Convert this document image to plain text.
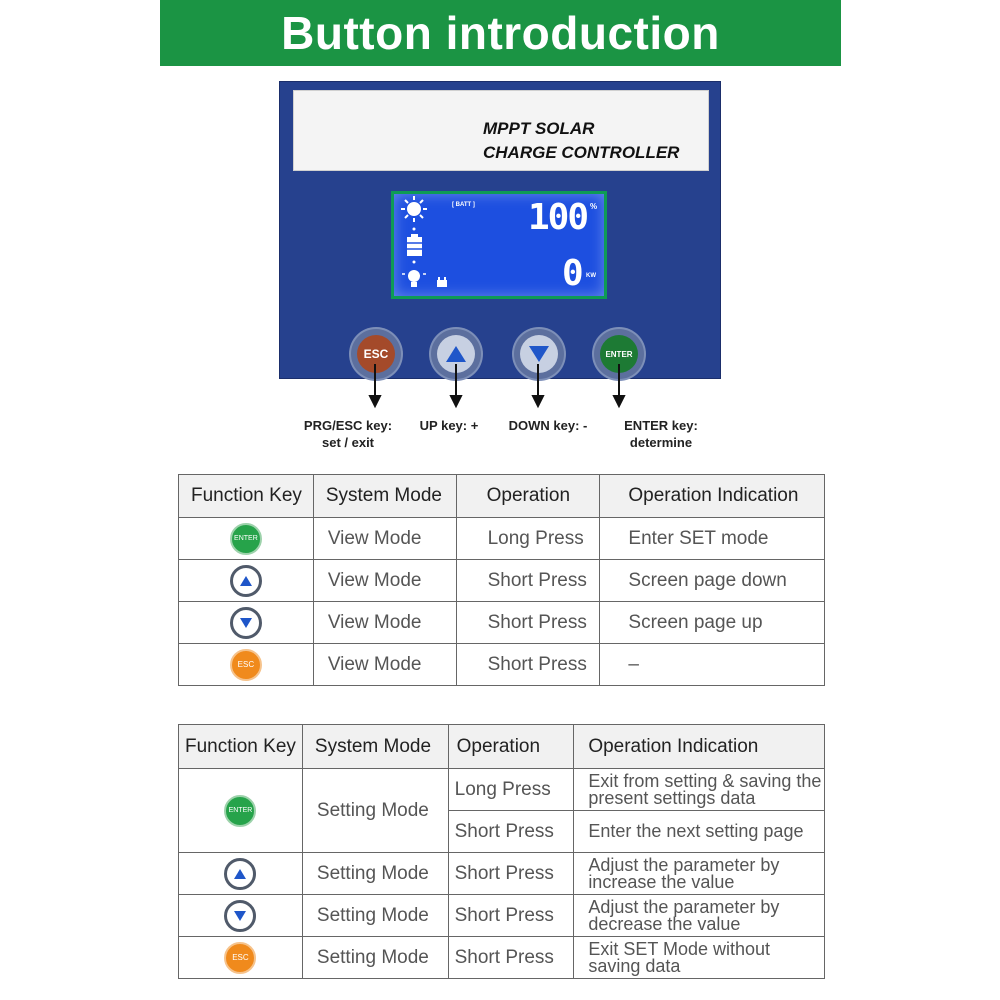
Button introduction
MPPT SOLAR
CHARGE CONTROLLER
[ BATT ] 100 %
0 KW
ESC	ENTER
PRG/ESC key:
set / exit
UP key: +	DOWN key: -	ENTER key:
determine
Function Key	System Mode	Operation	Operation Indication
ENTER	View Mode	Long Press	Enter SET mode

	View Mode	Short Press	Screen page down

	View Mode	Short Press	Screen page up
ESC	View Mode	Short Press	–
Function Key	System Mode	Operation	Operation Indication
ENTER	Setting Mode	Long Press	Exit from setting & saving the present settings data
		Short Press	Enter the next setting page

	Setting Mode	Short Press	Adjust the parameter by increase the value

	Setting Mode	Short Press	Adjust the parameter by decrease the value
ESC	Setting Mode	Short Press	Exit SET Mode without saving data
